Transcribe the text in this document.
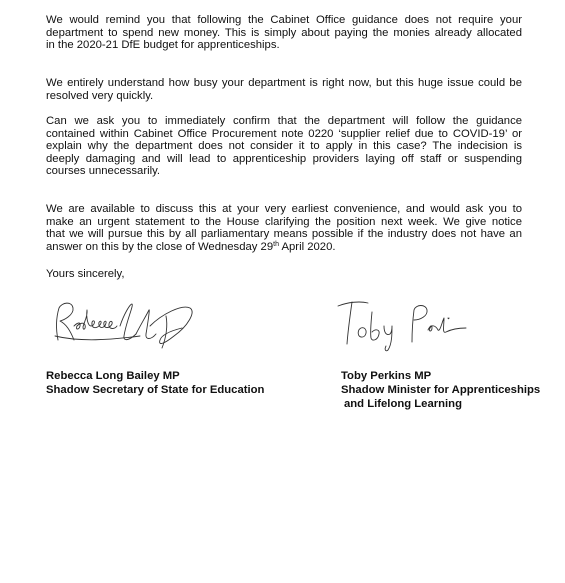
We would remind you that following the Cabinet Office guidance does not require your
department to spend new money. This is simply about paying the monies already allocated
in the 2020-21 DfE budget for apprenticeships.

We entirely understand how busy your department is right now, but this huge issue could be
resolved very quickly.

Can we ask you to immediately confirm that the department will follow the guidance
contained within Cabinet Office Procurement note 0220 ‘supplier relief due to COVID-19’ or
explain why the department does not consider it to apply in this case? The indecision is
deeply damaging and will lead to apprenticeship providers laying off staff or suspending
courses unnecessarily.

We are available to discuss this at your very earliest convenience, and would ask you to
make an urgent statement to the House clarifying the position next week. We give notice
that we will pursue this by all parliamentary means possible if the industry does not have an
answer on this by the close of Wednesday 29th April 2020.

Yours sincerely,

Rebecca Long Bailey MP
Shadow Secretary of State for Education
Toby Perkins MP
Shadow Minister for Apprenticeships
and Lifelong Learning
